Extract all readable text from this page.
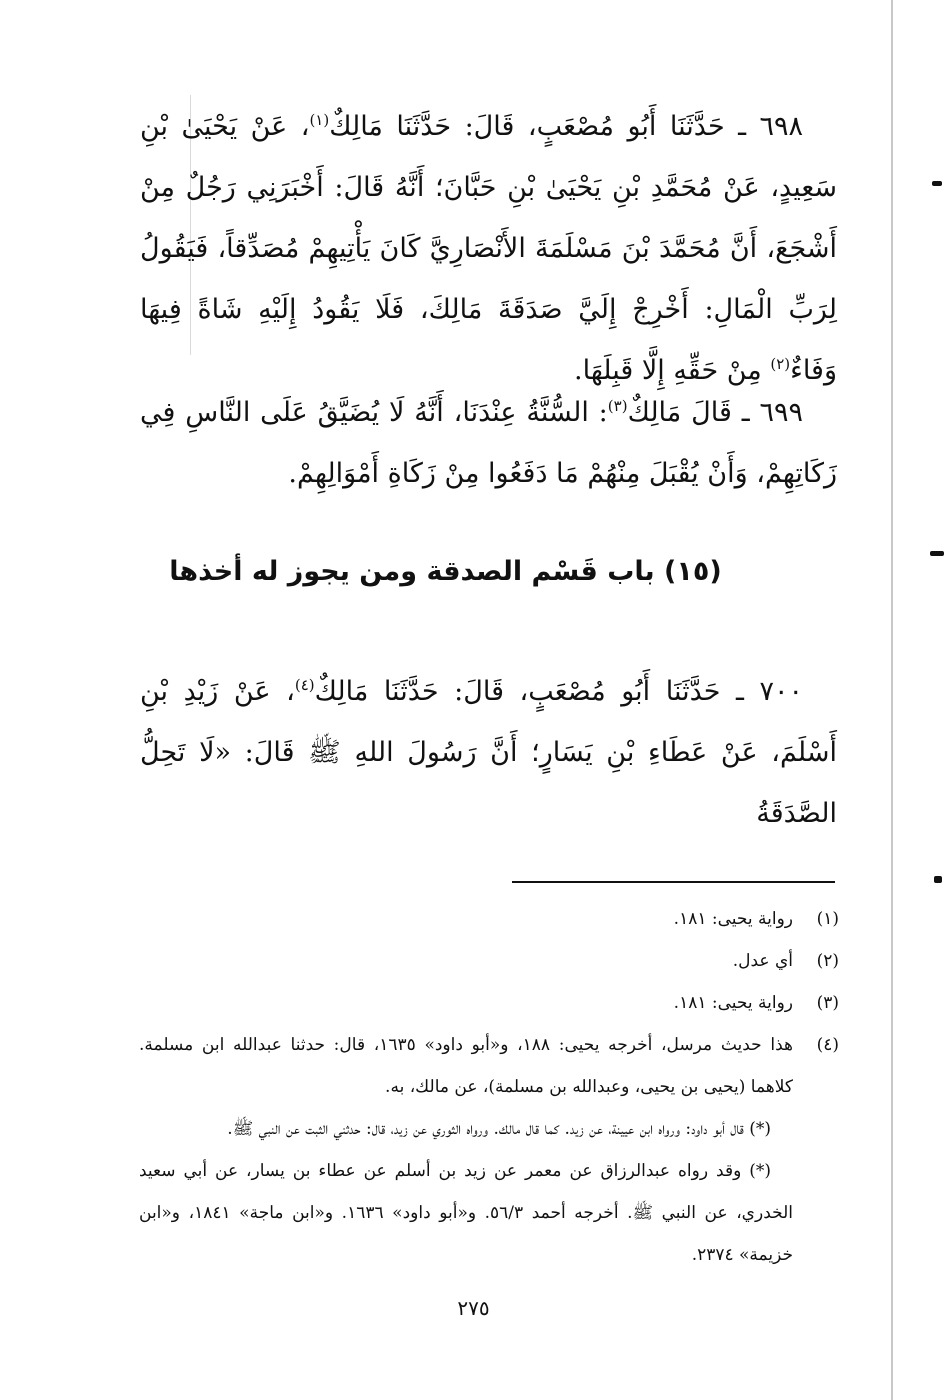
٦٩٨ ـ حَدَّثَنَا أَبُو مُصْعَبٍ، قَالَ: حَدَّثَنَا مَالِكٌ$^{(١)}$، عَنْ يَحْيَىٰ بْنِ سَعِيدٍ، عَنْ مُحَمَّدِ بْنِ يَحْيَىٰ بْنِ حَبَّانَ؛ أَنَّهُ قَالَ: أَخْبَرَنِي رَجُلٌ مِنْ أَشْجَعَ، أَنَّ مُحَمَّدَ بْنَ مَسْلَمَةَ الأَنْصَارِيَّ كَانَ يَأْتِيهِمْ مُصَدِّقاً، فَيَقُولُ لِرَبِّ الْمَالِ: أَخْرِجْ إِلَيَّ صَدَقَةَ مَالِكَ، فَلَا يَقُودُ إِلَيْهِ شَاةً فِيهَا وَفَاءٌ$^{(٢)}$ مِنْ حَقِّهِ إِلَّا قَبِلَهَا.

٦٩٩ ـ قَالَ مَالِكٌ$^{(٣)}$: السُّنَّةُ عِنْدَنَا، أَنَّهُ لَا يُضَيَّقُ عَلَى النَّاسِ فِي زَكَاتِهِمْ، وَأَنْ يُقْبَلَ مِنْهُمْ مَا دَفَعُوا مِنْ زَكَاةِ أَمْوَالِهِمْ.

(١٥) باب قَسْم الصدقة ومن يجوز له أخذها

٧٠٠ ـ حَدَّثَنَا أَبُو مُصْعَبٍ، قَالَ: حَدَّثَنَا مَالِكٌ$^{(٤)}$، عَنْ زَيْدِ بْنِ أَسْلَمَ، عَنْ عَطَاءِ بْنِ يَسَارٍ؛ أَنَّ رَسُولَ اللهِ ﷺ قَالَ: «لَا تَحِلُّ الصَّدَقَةُ

(١)
رواية يحيى: ١٨١.
(٢)
أي عدل.
(٣)
رواية يحيى: ١٨١.
(٤)

هذا حديث مرسل، أخرجه يحيى: ١٨٨، و«أبو داود» ١٦٣٥، قال: حدثنا عبدالله ابن مسلمة. كلاهما (يحيى بن يحيى، وعبدالله بن مسلمة)، عن مالك، به.

(*) قال أبو داود: ورواه ابن عيينة، عن زيد. كما قال مالك. ورواه الثوري عن زيد، قال: حدثني الثبت عن النبي ﷺ.

(*) وقد رواه عبدالرزاق عن معمر عن زيد بن أسلم عن عطاء بن يسار، عن أبي سعيد الخدري، عن النبي ﷺ. أخرجه أحمد ٥٦/٣. و«أبو داود» ١٦٣٦. و«ابن ماجة» ١٨٤١، و«ابن خزيمة» ٢٣٧٤.

٢٧٥
